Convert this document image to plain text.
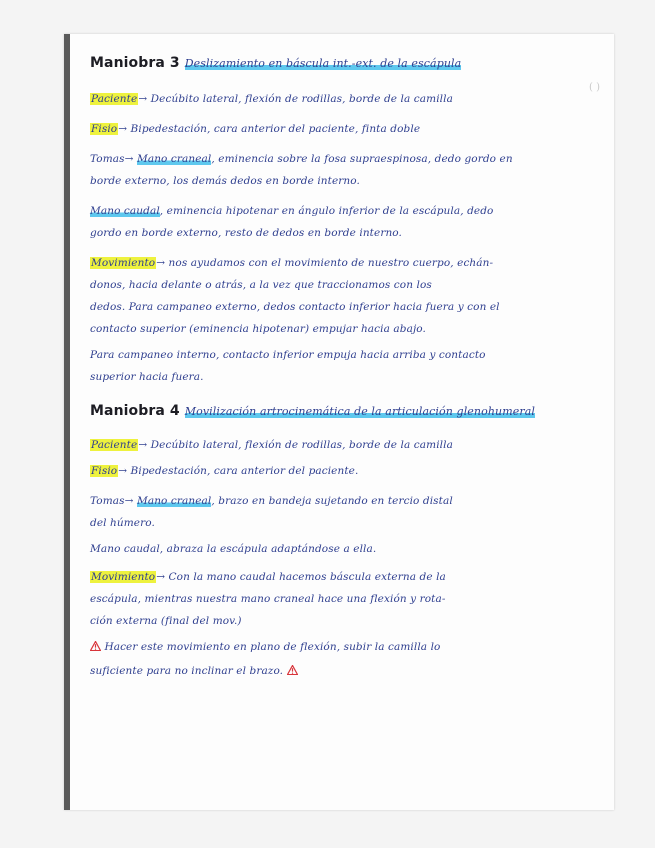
Maniobra 3 Deslizamiento en báscula int.-ext. de la escápula
Paciente→ Decúbito lateral, flexión de rodillas, borde de la camilla
Fisio→ Bipedestación, cara anterior del paciente, finta doble
Tomas→ Mano craneal, eminencia sobre la fosa supraespinosa, dedo gordo en
borde externo, los demás dedos en borde interno.
Mano caudal, eminencia hipotenar en ángulo inferior de la escápula, dedo
gordo en borde externo, resto de dedos en borde interno.
Movimiento→ nos ayudamos con el movimiento de nuestro cuerpo, echán-
donos, hacia delante o atrás, a la vez que traccionamos con los
dedos. Para campaneo externo, dedos contacto inferior hacia fuera y con el
contacto superior (eminencia hipotenar) empujar hacia abajo.
Para campaneo interno, contacto inferior empuja hacia arriba y contacto
superior hacia fuera.
Maniobra 4 Movilización artrocinemática de la articulación glenohumeral
Paciente→ Decúbito lateral, flexión de rodillas, borde de la camilla
Fisio→ Bipedestación, cara anterior del paciente.
Tomas→ Mano craneal, brazo en bandeja sujetando en tercio distal
del húmero.
Mano caudal, abraza la escápula adaptándose a ella.
Movimiento→ Con la mano caudal hacemos báscula externa de la
escápula, mientras nuestra mano craneal hace una flexión y rota-
ción externa (final del mov.)
Hacer este movimiento en plano de flexión, subir la camilla lo
suficiente para no inclinar el brazo.
( )
